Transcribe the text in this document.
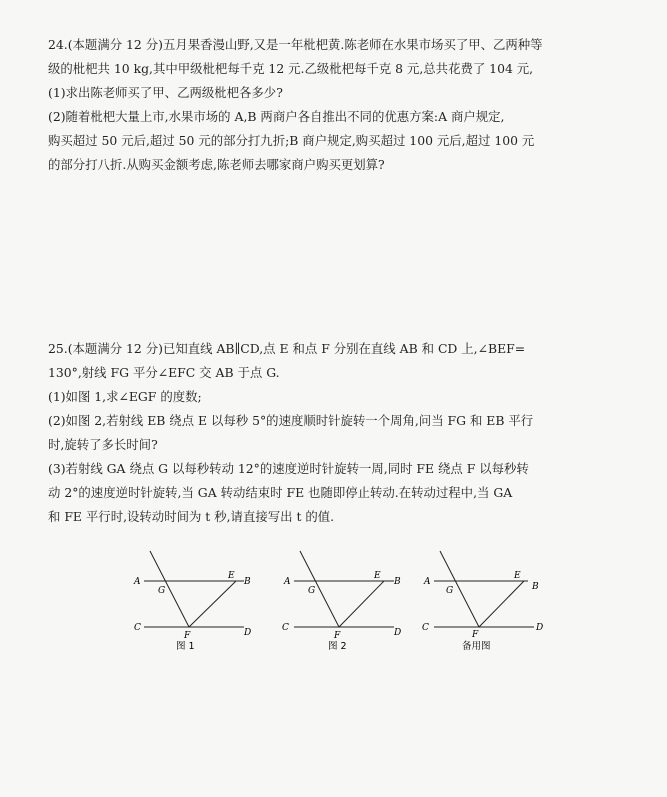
24.(本题满分 12 分)五月果香漫山野,又是一年枇杷黄.陈老师在水果市场买了甲、乙两种等
级的枇杷共 10 kg,其中甲级枇杷每千克 12 元.乙级枇杷每千克 8 元,总共花费了 104 元,
(1)求出陈老师买了甲、乙两级枇杷各多少?
(2)随着枇杷大量上市,水果市场的 A,B 两商户各自推出不同的优惠方案:A 商户规定,
购买超过 50 元后,超过 50 元的部分打九折;B 商户规定,购买超过 100 元后,超过 100 元
的部分打八折.从购买金额考虑,陈老师去哪家商户购买更划算?
25.(本题满分 12 分)已知直线 AB∥CD,点 E 和点 F 分别在直线 AB 和 CD 上,∠BEF=
130°,射线 FG 平分∠EFC 交 AB 于点 G.
(1)如图 1,求∠EGF 的度数;
(2)如图 2,若射线 EB 绕点 E 以每秒 5°的速度顺时针旋转一个周角,问当 FG 和 EB 平行
时,旋转了多长时间?
(3)若射线 GA 绕点 G 以每秒转动 12°的速度逆时针旋转一周,同时 FE 绕点 F 以每秒转
动 2°的速度逆时针旋转,当 GA 转动结束时 FE 也随即停止转动.在转动过程中,当 GA
和 FE 平行时,设转动时间为 t 秒,请直接写出 t 的值.
A	B
E
G
C	D
F
图 1
A	B
E
G
C	D
F
图 2
A	B
E
G
C	D
F
备用图
